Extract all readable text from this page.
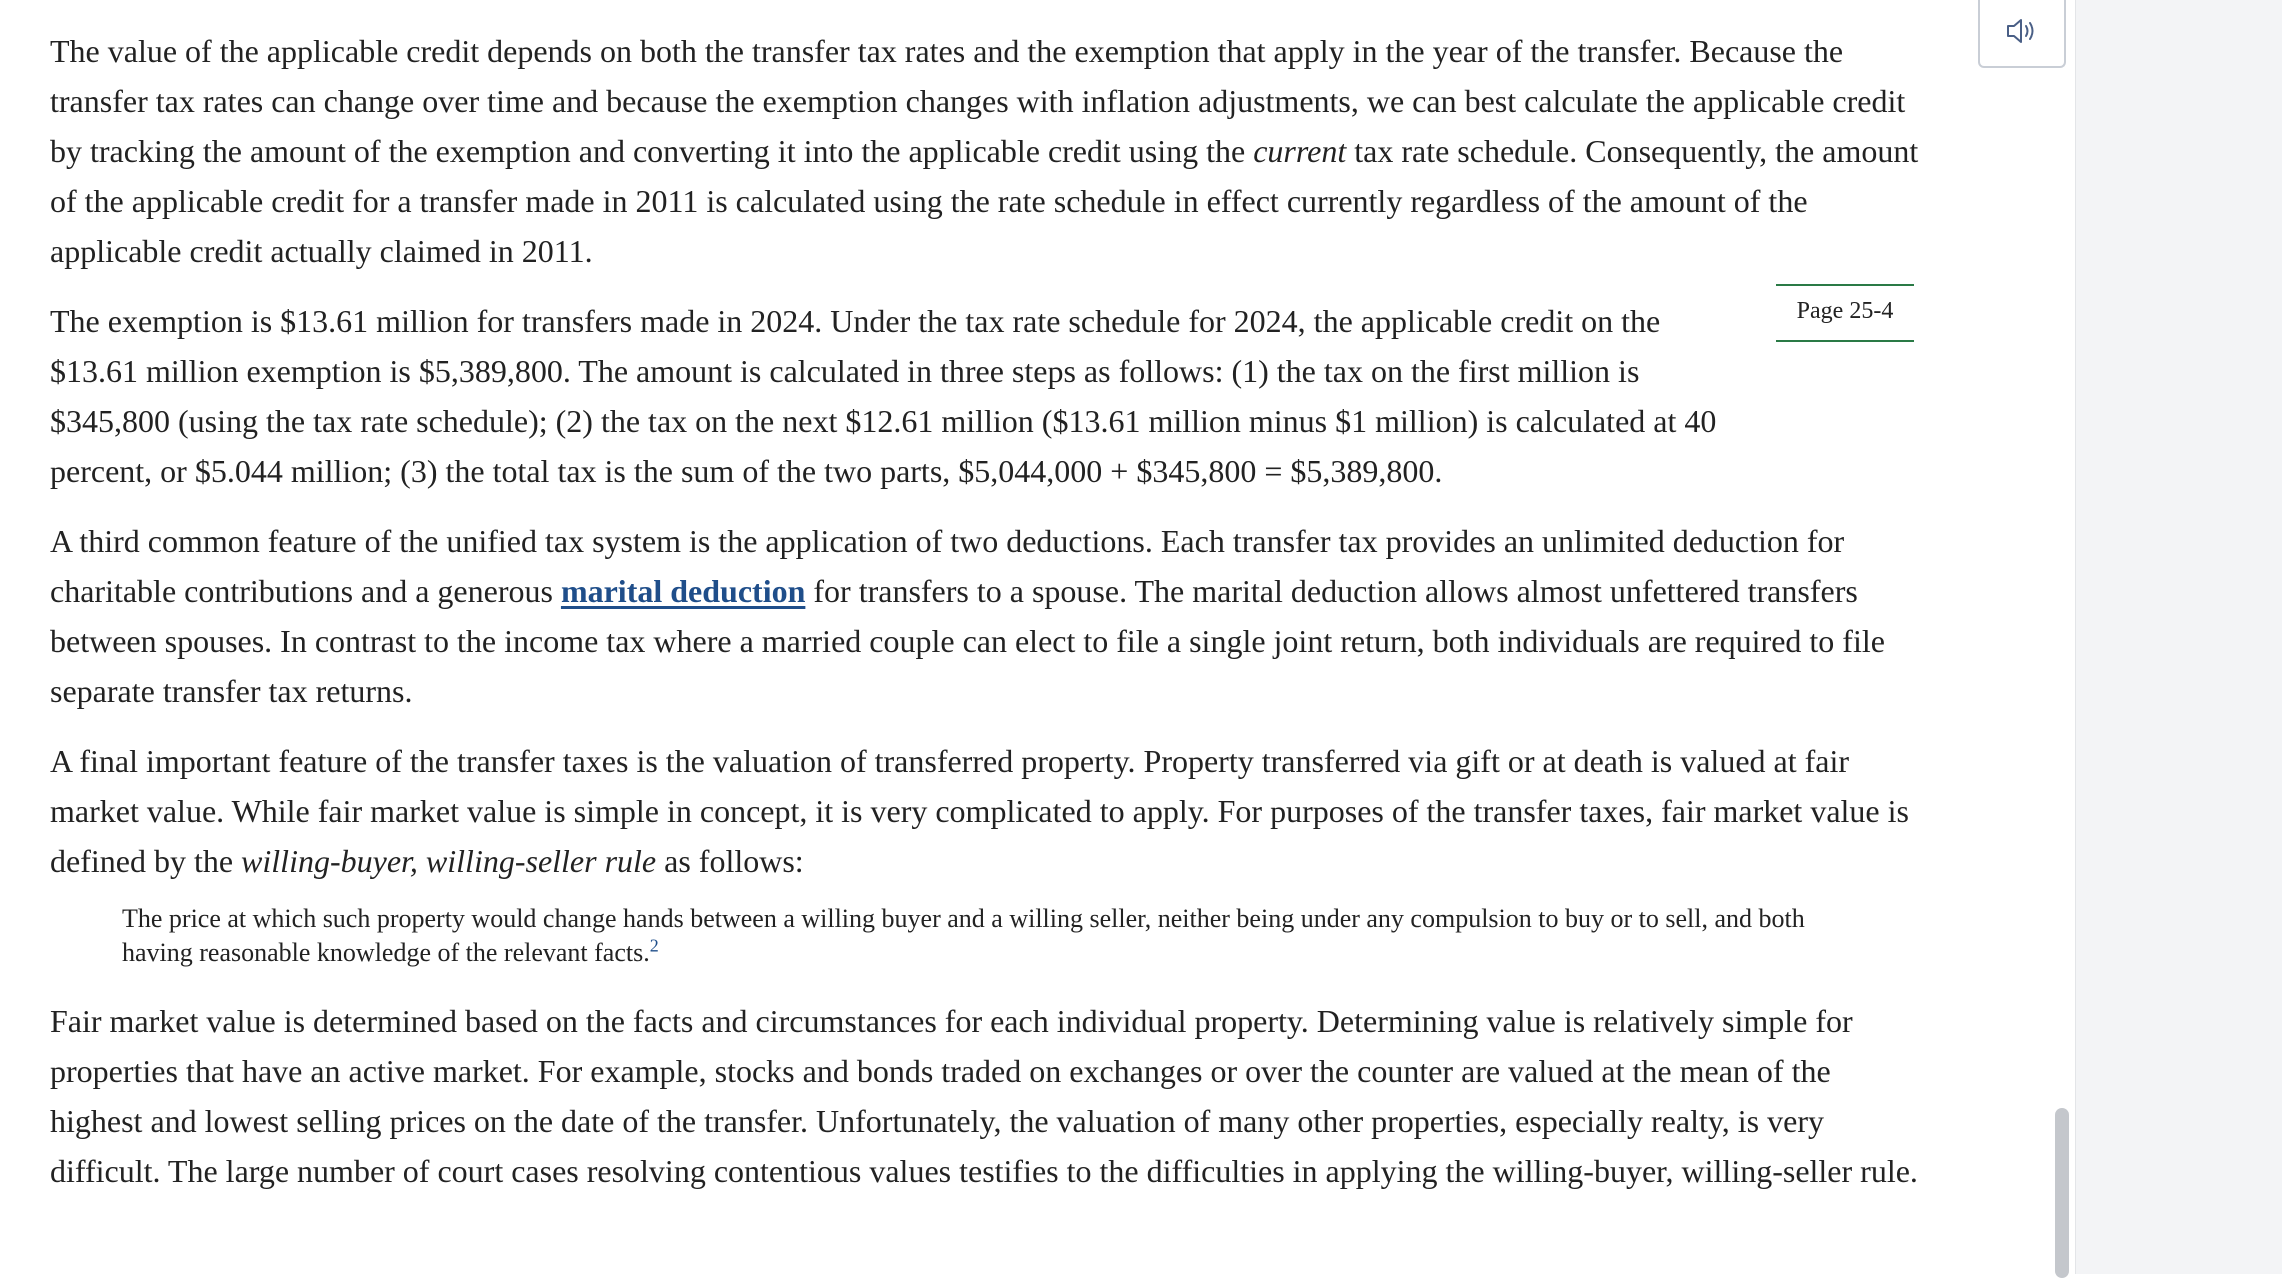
The value of the applicable credit depends on both the transfer tax rates and the exemption that apply in the year of the transfer. Because the transfer tax rates can change over time and because the exemption changes with inflation adjustments, we can best calculate the applicable credit by tracking the amount of the exemption and converting it into the applicable credit using the current tax rate schedule. Consequently, the amount of the applicable credit for a transfer made in 2011 is calculated using the rate schedule in effect currently regardless of the amount of the applicable credit actually claimed in 2011.

The exemption is $13.61 million for transfers made in 2024. Under the tax rate schedule for 2024, the applicable credit on the $13.61 million exemption is $5,389,800. The amount is calculated in three steps as follows: (1) the tax on the first million is $345,800 (using the tax rate schedule); (2) the tax on the next $12.61 million ($13.61 million minus $1 million) is calculated at 40 percent, or $5.044 million; (3) the total tax is the sum of the two parts, $5,044,000 + $345,800 = $5,389,800.

A third common feature of the unified tax system is the application of two deductions. Each transfer tax provides an unlimited deduction for charitable contributions and a generous marital deduction for transfers to a spouse. The marital deduction allows almost unfettered transfers between spouses. In contrast to the income tax where a married couple can elect to file a single joint return, both individuals are required to file separate transfer tax returns.

A final important feature of the transfer taxes is the valuation of transferred property. Property transferred via gift or at death is valued at fair market value. While fair market value is simple in concept, it is very complicated to apply. For purposes of the transfer taxes, fair market value is defined by the willing-buyer, willing-seller rule as follows:

The price at which such property would change hands between a willing buyer and a willing seller, neither being under any compulsion to buy or to sell, and both having reasonable knowledge of the relevant facts.$^2$

Fair market value is determined based on the facts and circumstances for each individual property. Determining value is relatively simple for properties that have an active market. For example, stocks and bonds traded on exchanges or over the counter are valued at the mean of the highest and lowest selling prices on the date of the transfer. Unfortunately, the valuation of many other properties, especially realty, is very difficult. The large number of court cases resolving contentious values testifies to the difficulties in applying the willing-buyer, willing-seller rule.

Page 25-4
